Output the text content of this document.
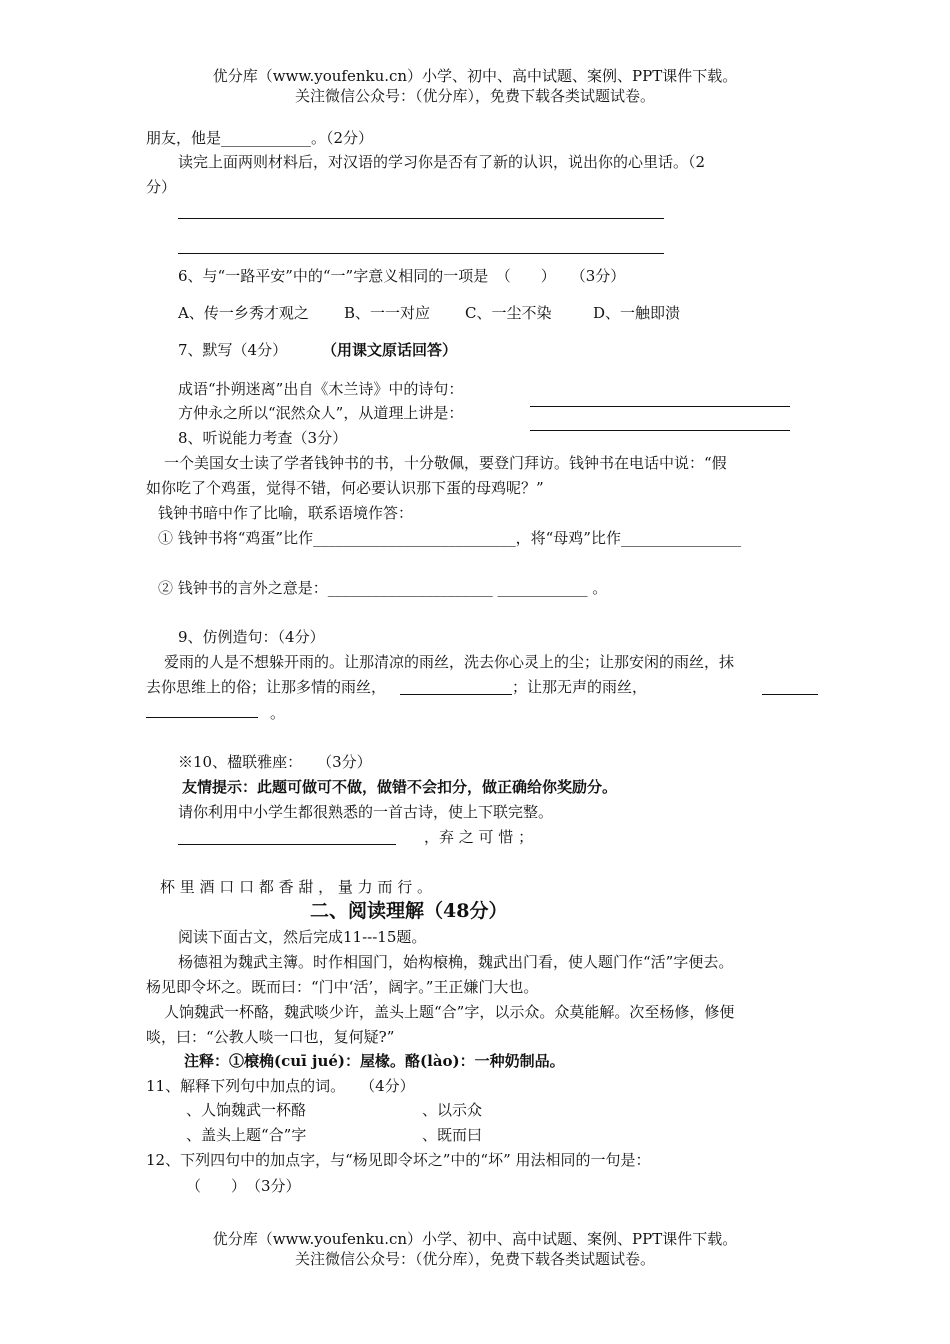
优分库（www.youfenku.cn）小学、初中、高中试题、案例、PPT课件下载。
关注微信公众号：（优分库），免费下载各类试题试卷。
朋友，他是____________。（2分）
读完上面两则材料后，对汉语的学习你是否有了新的认识，说出你的心里话。（2
分）
6、与“一路平安”中的“一”字意义相同的一项是　（　　）　　（3分）
A、传一乡秀才观之 B、一一对应 C、一尘不染	D、一触即溃
7、默写（4分） （用课文原话回答）
成语“扑朔迷离”出自《木兰诗》中的诗句：
方仲永之所以“泯然众人”，从道理上讲是：
8、听说能力考查（3分）
一个美国女士读了学者钱钟书的书，十分敬佩，要登门拜访。钱钟书在电话中说：“假
如你吃了个鸡蛋，觉得不错，何必要认识那下蛋的母鸡呢？”
钱钟书暗中作了比喻，联系语境作答：
① 钱钟书将“鸡蛋”比作___________________________，将“母鸡”比作________________
② 钱钟书的言外之意是：______________________ ____________ 。
9、仿例造句：（4分）
爱雨的人是不想躲开雨的。让那清凉的雨丝，洗去你心灵上的尘；让那安闲的雨丝，抹
去你思维上的俗；让那多情的雨丝，	；让那无声的雨丝，
。
※10、楹联雅座：　　（3分）
友情提示：此题可做可不做，做错不会扣分，做正确给你奖励分。
请你利用中小学生都很熟悉的一首古诗，使上下联完整。
，弃 之 可 惜 ；
杯 里 酒 口 口 都 香 甜 ， 量 力 而 行 。
二、阅读理解（48分）
阅读下面古文，然后完成11---15题。
杨德祖为魏武主簿。时作相国门，始构榱桷，魏武出门看，使人题门作“活”字便去。
杨见即令坏之。既而曰：“门中‘活’，阔字。”王正嫌门大也。
人饷魏武一杯酪，魏武啖少许，盖头上题“合”字，以示众。众莫能解。次至杨修，修便
啖，曰：“公教人啖一口也，复何疑?”
注释：①榱桷(cuī jué)：屋椽。酪(lào)：一种奶制品。
11、解释下列句中加点的词。　　（4分）
、人饷魏武一杯酪	、以示众
、盖头上题“合”字	、既而曰
12、下列四句中的加点字，与“杨见即令坏之”中的“坏” 用法相同的一句是：
（　　）　（3分）
优分库（www.youfenku.cn）小学、初中、高中试题、案例、PPT课件下载。
关注微信公众号：（优分库），免费下载各类试题试卷。
